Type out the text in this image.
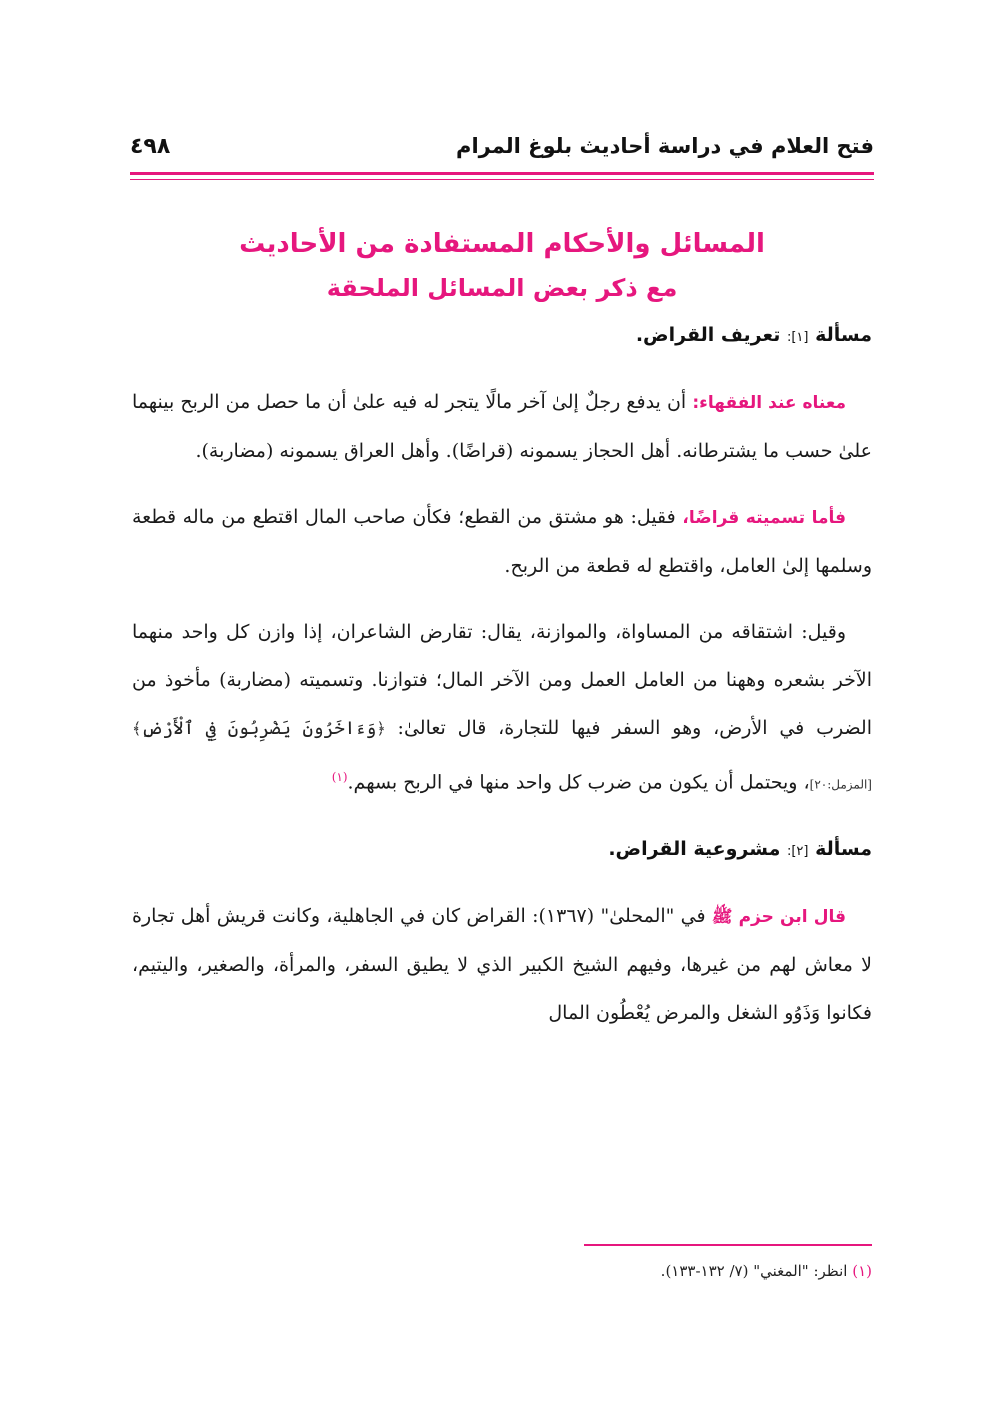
فتح العلام في دراسة أحاديث بلوغ المرام
٤٩٨
المسائل والأحكام المستفادة من الأحاديث
مع ذكر بعض المسائل الملحقة
مسألة [١]: تعريف القراض.

معناه عند الفقهاء: أن يدفع رجلٌ إلىٰ آخر مالًا يتجر له فيه علىٰ أن ما حصل من الربح بينهما علىٰ حسب ما يشترطانه. أهل الحجاز يسمونه (قراضًا). وأهل العراق يسمونه (مضاربة).

فأما تسميته قراضًا، فقيل: هو مشتق من القطع؛ فكأن صاحب المال اقتطع من ماله قطعة وسلمها إلىٰ العامل، واقتطع له قطعة من الربح.

وقيل: اشتقاقه من المساواة، والموازنة، يقال: تقارض الشاعران، إذا وازن كل واحد منهما الآخر بشعره وههنا من العامل العمل ومن الآخر المال؛ فتوازنا. وتسميته (مضاربة) مأخوذ من الضرب في الأرض، وهو السفر فيها للتجارة، قال تعالىٰ: ﴿وَءَاخَرُونَ يَضْرِبُونَ فِي ٱلْأَرْضِ﴾ [المزمل:٢٠]، ويحتمل أن يكون من ضرب كل واحد منها في الربح بسهم.$^{(١)}$

مسألة [٢]: مشروعية القراض.

قال ابن حزم ﷺ في "المحلىٰ" (١٣٦٧): القراض كان في الجاهلية، وكانت قريش أهل تجارة لا معاش لهم من غيرها، وفيهم الشيخ الكبير الذي لا يطيق السفر، والمرأة، والصغير، واليتيم، فكانوا وَذَوُو الشغل والمرض يُعْطُون المال

(١) انظر: "المغني" (٧/ ١٣٢-١٣٣).
